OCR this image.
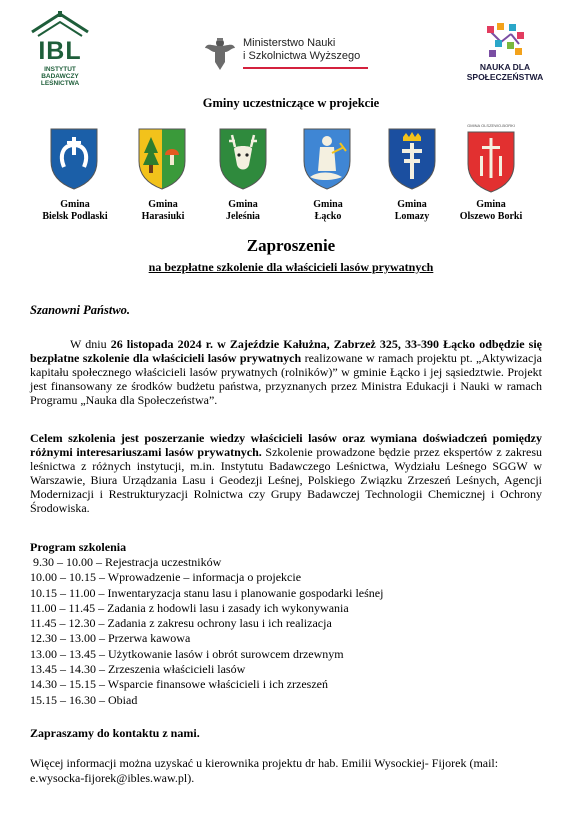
IBL
INSTYTUT
BADAWCZY
LEŚNICTWA
Ministerstwo Nauki
i Szkolnictwa Wyższego
NAUKA DLA
SPOŁECZEŃSTWA
Gminy uczestniczące w projekcie
GMINA OLSZEWO-BORKI
Gmina
Bielsk Podlaski
Gmina
Harasiuki
Gmina
Jeleśnia
Gmina
Łącko
Gmina
Lomazy
Gmina
Olszewo Borki
Zaproszenie
na bezpłatne szkolenie dla właścicieli lasów prywatnych
Szanowni Państwo.
W dniu 26 listopada 2024 r. w Zajeździe Kałużna, Zabrzeż 325, 33-390 Łącko odbędzie się bezpłatne szkolenie dla właścicieli lasów prywatnych realizowane w ramach projektu pt. „Aktywizacja kapitału społecznego właścicieli lasów prywatnych (rolników)” w gminie Łącko i jej sąsiedztwie. Projekt jest finansowany ze środków budżetu państwa, przyznanych przez Ministra Edukacji i Nauki w ramach Programu „Nauka dla Społeczeństwa”.
Celem szkolenia jest poszerzanie wiedzy właścicieli lasów oraz wymiana doświadczeń pomiędzy różnymi interesariuszami lasów prywatnych. Szkolenie prowadzone będzie przez ekspertów z zakresu leśnictwa z różnych instytucji, m.in. Instytutu Badawczego Leśnictwa, Wydziału Leśnego SGGW w Warszawie, Biura Urządzania Lasu i Geodezji Leśnej, Polskiego Związku Zrzeszeń Leśnych, Agencji Modernizacji i Restrukturyzacji Rolnictwa czy Grupy Badawczej Technologii Chemicznej i Ochrony Środowiska.
Program szkolenia
9.30 – 10.00 – Rejestracja uczestników
10.00 – 10.15 – Wprowadzenie – informacja o projekcie
10.15 – 11.00 – Inwentaryzacja stanu lasu i planowanie gospodarki leśnej
11.00 – 11.45 – Zadania z hodowli lasu i zasady ich wykonywania
11.45 – 12.30 – Zadania z zakresu ochrony lasu i ich realizacja
12.30 – 13.00 – Przerwa kawowa
13.00 – 13.45 – Użytkowanie lasów i obrót surowcem drzewnym
13.45 – 14.30 – Zrzeszenia właścicieli lasów
14.30 – 15.15 – Wsparcie finansowe właścicieli i ich zrzeszeń
15.15 – 16.30 – Obiad
Zapraszamy do kontaktu z nami.
Więcej informacji można uzyskać u kierownika projektu dr hab. Emilii Wysockiej- Fijorek (mail: e.wysocka-fijorek@ibles.waw.pl).
